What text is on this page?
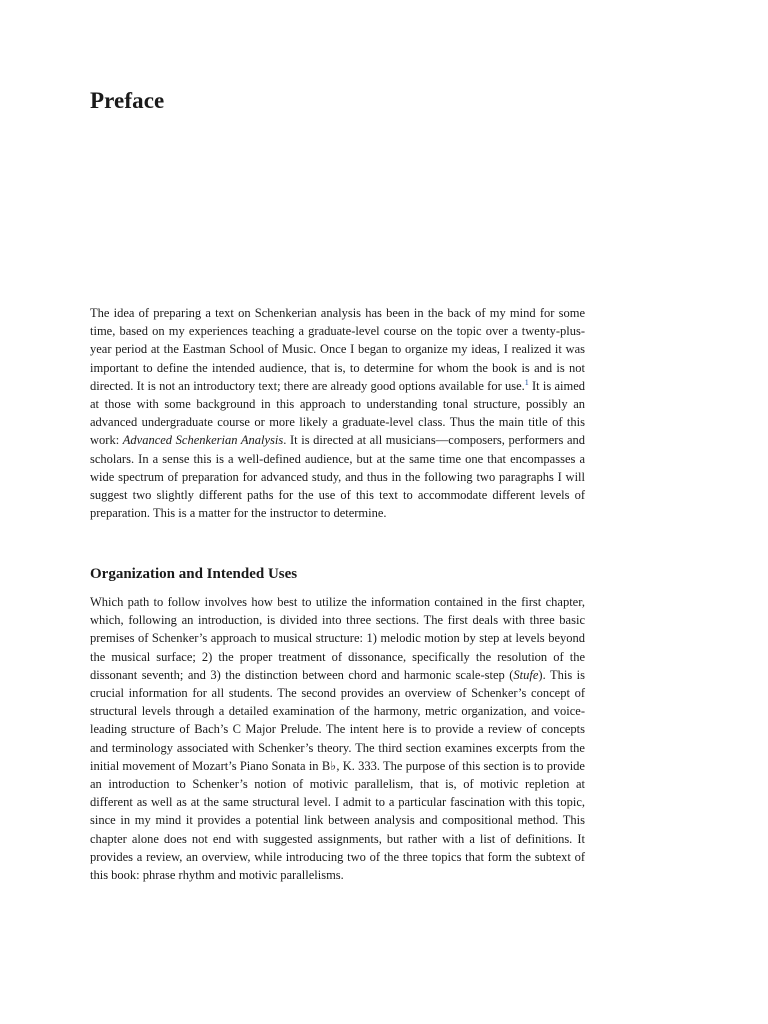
Preface

The idea of preparing a text on Schenkerian analysis has been in the back of my mind for some time, based on my experiences teaching a graduate-level course on the topic over a twenty-plus-year period at the Eastman School of Music. Once I began to organize my ideas, I realized it was important to define the intended audience, that is, to determine for whom the book is and is not directed. It is not an introductory text; there are already good options available for use.$^1$ It is aimed at those with some background in this approach to understanding tonal structure, possibly an advanced undergraduate course or more likely a graduate-level class. Thus the main title of this work: Advanced Schenkerian Analysis. It is directed at all musicians—composers, performers and scholars. In a sense this is a well-defined audience, but at the same time one that encompasses a wide spectrum of preparation for advanced study, and thus in the following two paragraphs I will suggest two slightly different paths for the use of this text to accommodate different levels of preparation. This is a matter for the instructor to determine.

Organization and Intended Uses

Which path to follow involves how best to utilize the information contained in the first chapter, which, following an introduction, is divided into three sections. The first deals with three basic premises of Schenker’s approach to musical structure: 1) melodic motion by step at levels beyond the musical surface; 2) the proper treatment of dissonance, specifically the resolution of the dissonant seventh; and 3) the distinction between chord and harmonic scale-step (Stufe). This is crucial information for all students. The second provides an overview of Schenker’s concept of structural levels through a detailed examination of the harmony, metric organization, and voice-leading structure of Bach’s C Major Prelude. The intent here is to provide a review of concepts and terminology associated with Schenker’s theory. The third section examines excerpts from the initial movement of Mozart’s Piano Sonata in B♭, K. 333. The purpose of this section is to provide an introduction to Schenker’s notion of motivic parallelism, that is, of motivic repletion at different as well as at the same structural level. I admit to a particular fascination with this topic, since in my mind it provides a potential link between analysis and compositional method. This chapter alone does not end with suggested assignments, but rather with a list of definitions. It provides a review, an overview, while introducing two of the three topics that form the subtext of this book: phrase rhythm and motivic parallelisms.
